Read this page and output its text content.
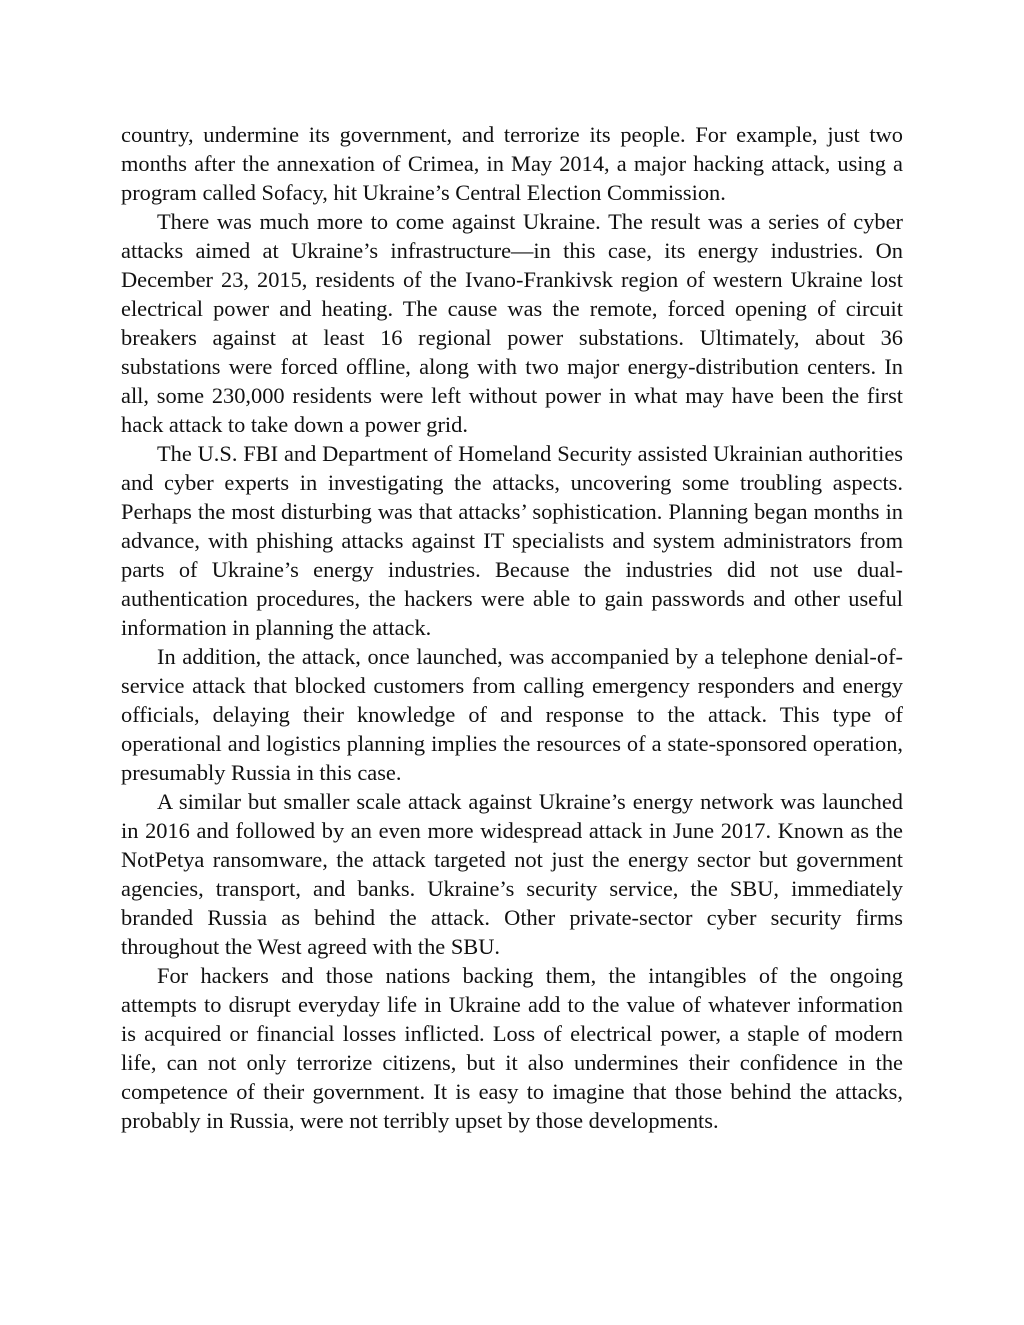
country, undermine its government, and terrorize its people. For example, just two months after the annexation of Crimea, in May 2014, a major hacking attack, using a program called Sofacy, hit Ukraine’s Central Election Commission.

There was much more to come against Ukraine. The result was a series of cyber attacks aimed at Ukraine’s infrastructure—in this case, its energy industries. On December 23, 2015, residents of the Ivano-Frankivsk region of western Ukraine lost electrical power and heating. The cause was the remote, forced opening of circuit breakers against at least 16 regional power substations. Ultimately, about 36 substations were forced offline, along with two major energy-distribution centers. In all, some 230,000 residents were left without power in what may have been the first hack attack to take down a power grid.

The U.S. FBI and Department of Homeland Security assisted Ukrainian authorities and cyber experts in investigating the attacks, uncovering some troubling aspects. Perhaps the most disturbing was that attacks’ sophistication. Planning began months in advance, with phishing attacks against IT specialists and system administrators from parts of Ukraine’s energy industries. Because the industries did not use dual-authentication procedures, the hackers were able to gain passwords and other useful information in planning the attack.

In addition, the attack, once launched, was accompanied by a telephone denial-of-service attack that blocked customers from calling emergency responders and energy officials, delaying their knowledge of and response to the attack. This type of operational and logistics planning implies the resources of a state-sponsored operation, presumably Russia in this case.

A similar but smaller scale attack against Ukraine’s energy network was launched in 2016 and followed by an even more widespread attack in June 2017. Known as the NotPetya ransomware, the attack targeted not just the energy sector but government agencies, transport, and banks. Ukraine’s security service, the SBU, immediately branded Russia as behind the attack. Other private-sector cyber security firms throughout the West agreed with the SBU.

For hackers and those nations backing them, the intangibles of the ongoing attempts to disrupt everyday life in Ukraine add to the value of whatever information is acquired or financial losses inflicted. Loss of electrical power, a staple of modern life, can not only terrorize citizens, but it also undermines their confidence in the competence of their government. It is easy to imagine that those behind the attacks, probably in Russia, were not terribly upset by those developments.
